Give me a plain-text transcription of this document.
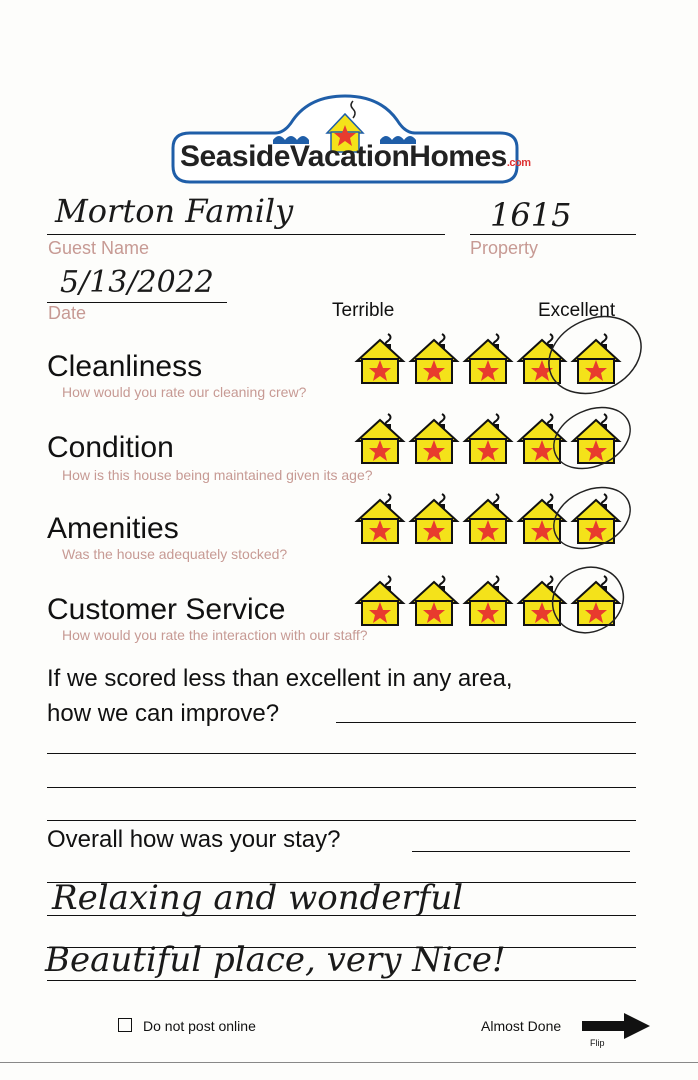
SeasideVacationHomes.com
Morton Family
Guest Name
1615
Property
5/13/2022
Date	Terrible	Excellent
Cleanliness
How would you rate our cleaning crew?
Condition
How is this house being maintained given its age?
Amenities
Was the house adequately stocked?
Customer Service
How would you rate the interaction with our staff?
If we scored less than excellent in any area,
how we can improve?
Overall how was your stay?
Relaxing and wonderful
Beautiful place, very Nice!
Do not post online	Almost Done
Flip
